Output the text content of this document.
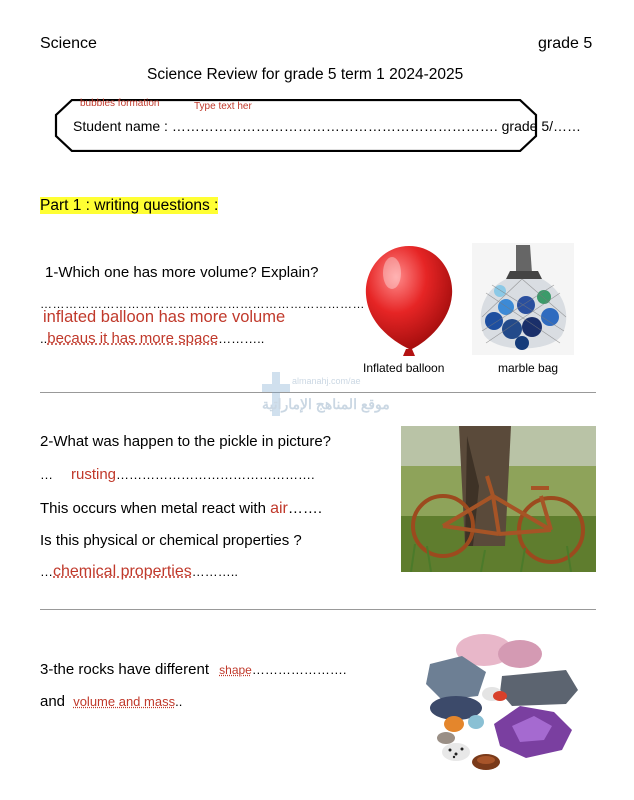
Science	grade 5
Science Review for grade 5 term 1 2024-2025
bubbles formation	Type text her
Student name : ……………………………………………………………. grade 5/……
Part 1 : writing questions :
1-Which one has more volume? Explain?
……………………………………………………………………
inflated balloon has more volume
..becaus it has more space………..
Inflated balloon	marble bag
almanahj.com/ae
موقع المناهج الإماراتية
2-What was happen to the pickle in picture?
… rusting……………………………………….
This occurs when metal react with air…….
Is this physical or chemical properties ?
…chemical properties………..
3-the rocks have different shape………………….
and volume and mass..
